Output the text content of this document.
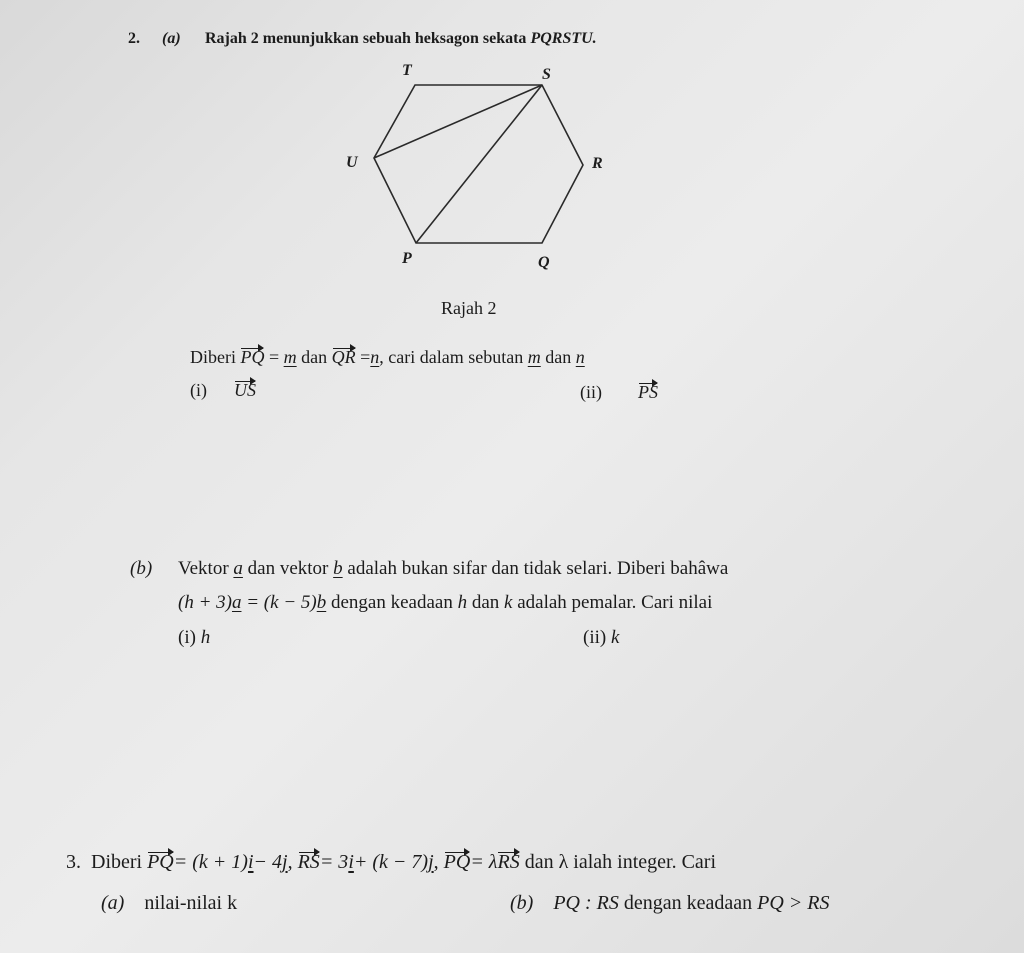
2. (a) Rajah 2 menunjukkan sebuah heksagon sekata PQRSTU.
T	S
U	R
P	Q
Rajah 2
Diberi PQ = m dan QR =n, cari dalam sebutan m dan n
(i) US	(ii) PS
(b) Vektor a dan vektor b adalah bukan sifar dan tidak selari. Diberi bahâwa
(h + 3)a = (k − 5)b dengan keadaan h dan k adalah pemalar. Cari nilai
(i) h	(ii) k
3. Diberi PQ= (k + 1)i− 4j, RS= 3i+ (k − 7)j, PQ= λRS dan λ ialah integer. Cari
(a) nilai-nilai k	(b) PQ : RS dengan keadaan PQ > RS
